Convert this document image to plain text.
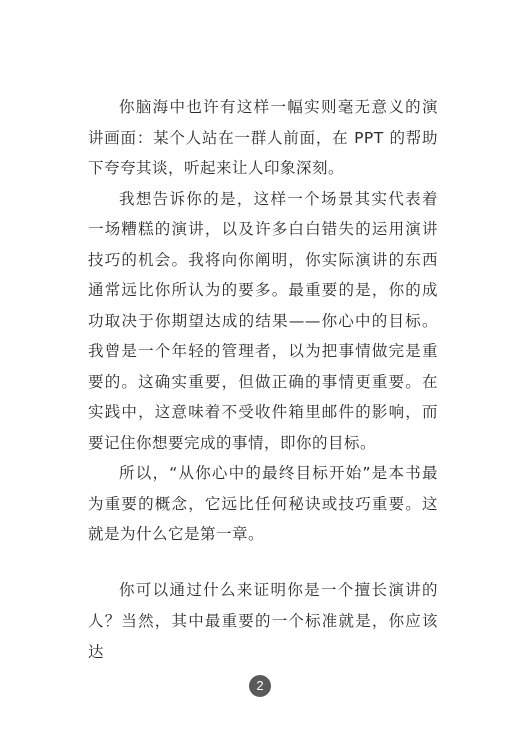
你脑海中也许有这样一幅实则毫无意义的演讲画面：某个人站在一群人前面，在 PPT 的帮助下夸夸其谈，听起来让人印象深刻。

我想告诉你的是，这样一个场景其实代表着一场糟糕的演讲，以及许多白白错失的运用演讲技巧的机会。我将向你阐明，你实际演讲的东西通常远比你所认为的要多。最重要的是，你的成功取决于你期望达成的结果——你心中的目标。我曾是一个年轻的管理者，以为把事情做完是重要的。这确实重要，但做正确的事情更重要。在实践中，这意味着不受收件箱里邮件的影响，而要记住你想要完成的事情，即你的目标。

所以，“从你心中的最终目标开始”是本书最为重要的概念，它远比任何秘诀或技巧重要。这就是为什么它是第一章。

你可以通过什么来证明你是一个擅长演讲的人？当然，其中最重要的一个标准就是，你应该达

2
